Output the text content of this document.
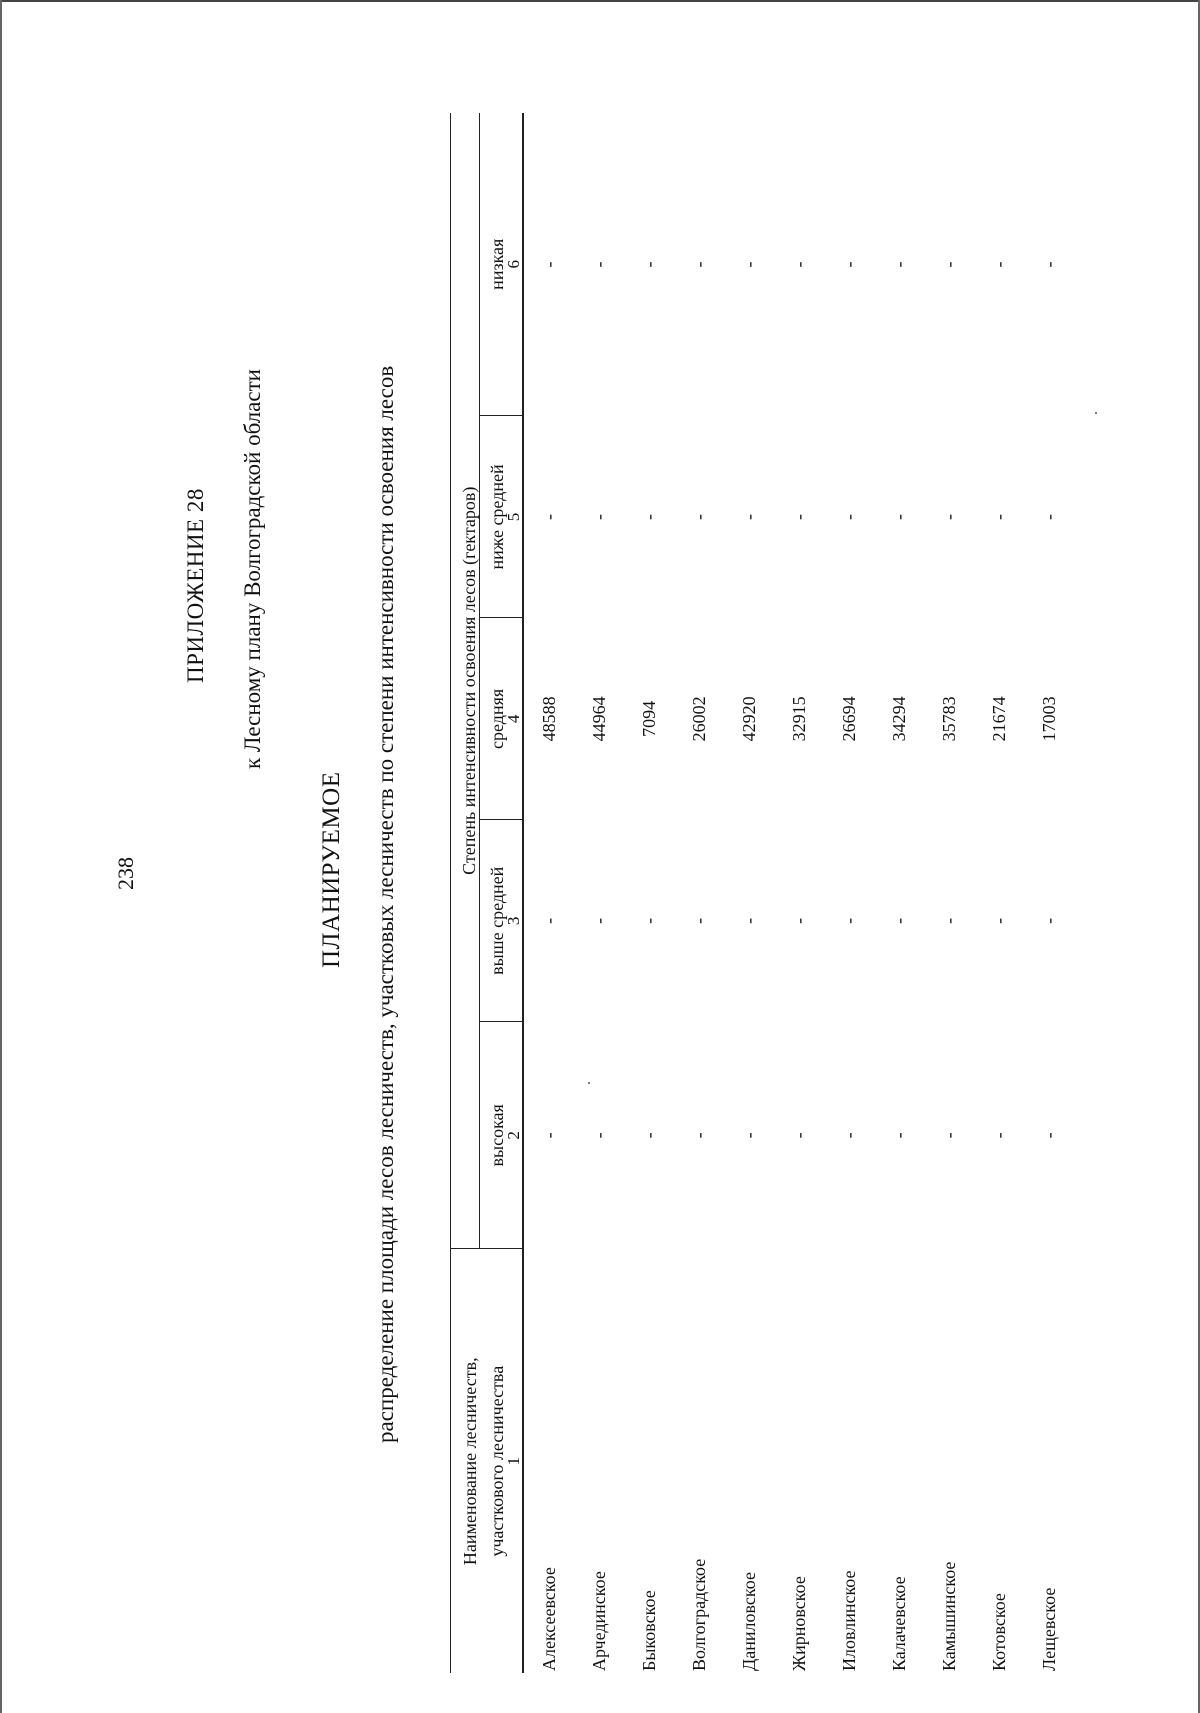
238
ПРИЛОЖЕНИЕ 28 к Лесному плану Волгоградской области
ПЛАНИРУЕМОЕ распределение площади лесов лесничеств, участковых лесничеств по степени интенсивности освоения лесов
Наименование лесничеств,	Степень интенсивности освоения лесов (гектаров)				
участкового лесничества	высокая	выше средней	средняя	ниже средней	низкая
1	2	3	4	5	6
Алексеевское	-	-	48588	-	-
Арчединское	-	-	44964	-	-
Быковское	-	-	7094	-	-
Волгоградское	-	-	26002	-	-
Даниловское	-	-	42920	-	-
Жирновское	-	-	32915	-	-
Иловлинское	-	-	26694	-	-
Калачевское	-	-	34294	-	-
Камышинское	-	-	35783	-	-
Котовское	-	-	21674	-	-
Лещевское	-	-	17003	-	-
